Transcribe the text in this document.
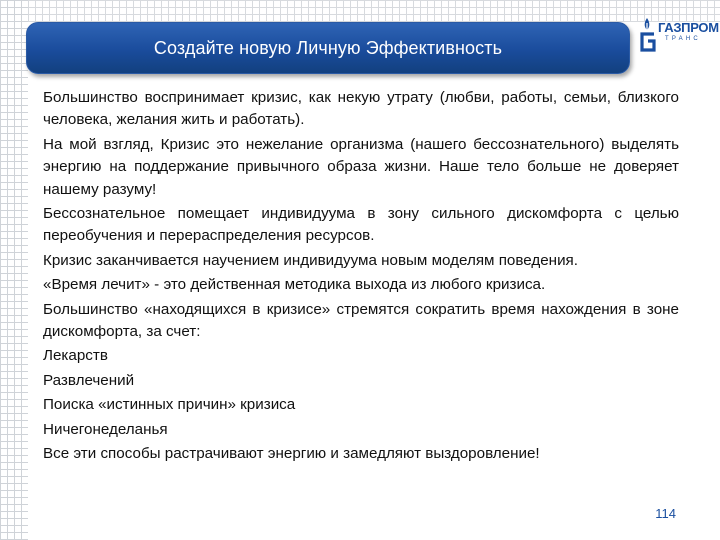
Создайте новую Личную Эффективность
ГАЗПРОМ
ТРАНС

Большинство воспринимает кризис, как некую утрату (любви, работы, семьи, близкого человека, желания жить и работать).

На мой взгляд, Кризис это нежелание организма (нашего бессознательного) выделять энергию на поддержание привычного образа жизни. Наше тело больше не доверяет нашему разуму!

Бессознательное помещает индивидуума в зону сильного дискомфорта с целью переобучения и перераспределения ресурсов.

Кризис заканчивается научением индивидуума новым моделям поведения.

«Время лечит» - это действенная методика выхода из любого кризиса.

Большинство «находящихся в кризисе» стремятся сократить время нахождения в зоне дискомфорта, за счет:

Лекарств

Развлечений

Поиска «истинных причин» кризиса

Ничегонеделанья

Все эти способы растрачивают энергию и замедляют выздоровление!

114
